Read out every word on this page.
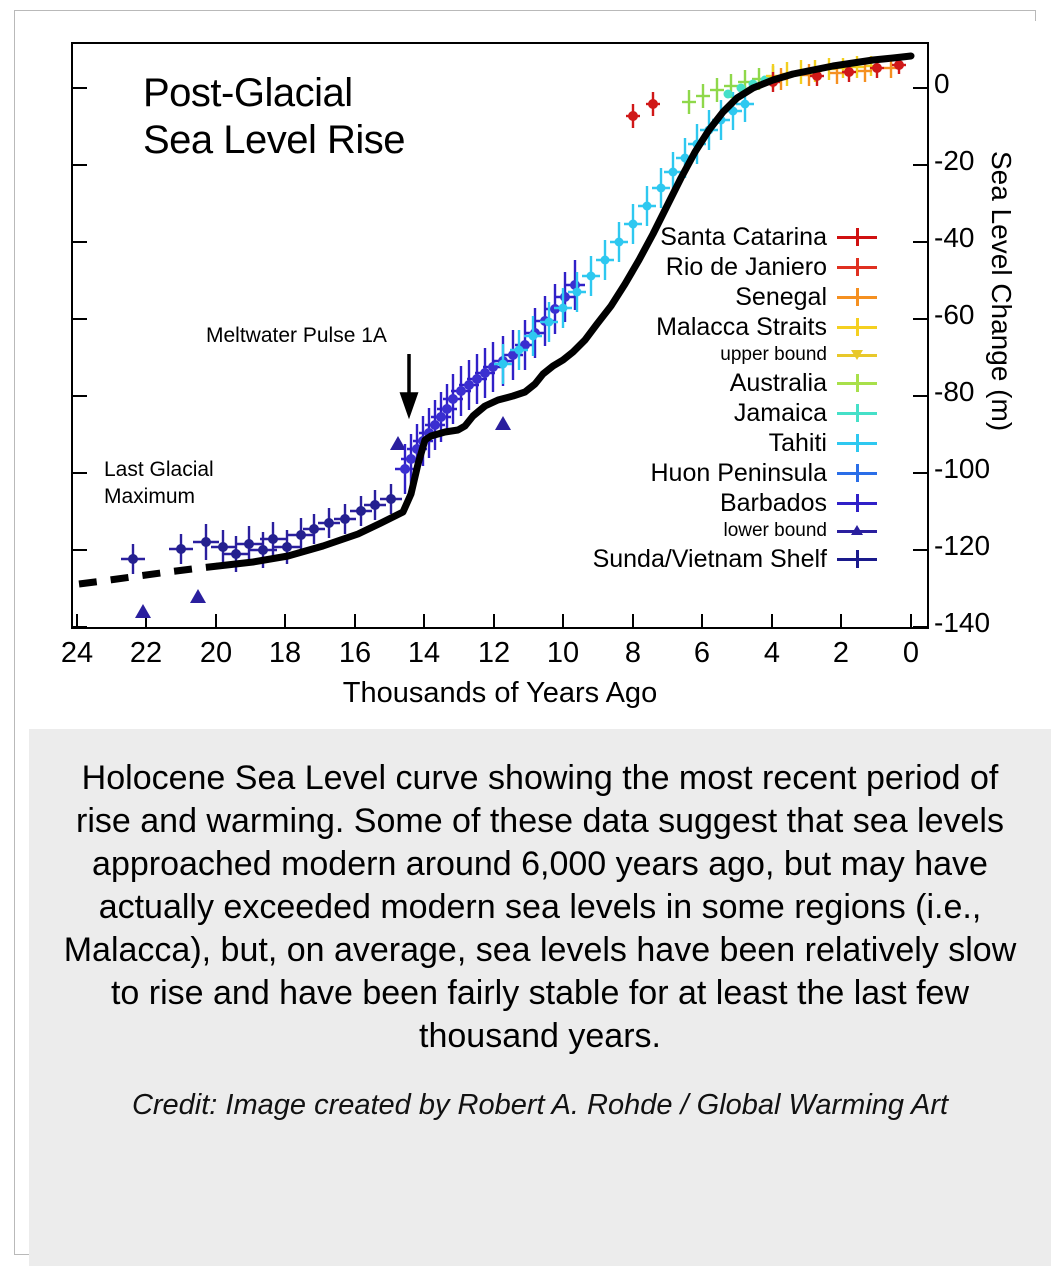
Post-Glacial
Sea Level Rise
Meltwater Pulse 1A
Last Glacial
Maximum
Santa Catarina
Rio de Janiero
Senegal
Malacca Straits
upper bound
Australia
Jamaica
Tahiti
Huon Peninsula
Barbados
lower bound
Sunda/Vietnam Shelf
0
-20
-40
-60
-80
-100
-120
-140
Sea Level Change (m)
24 22 20 18 16 14 12 10 8 6 4 2 0
Thousands of Years Ago
Holocene Sea Level curve showing the most recent period of rise and warming. Some of these data suggest that sea levels approached modern around 6,000 years ago, but may have actually exceeded modern sea levels in some regions (i.e., Malacca), but, on average, sea levels have been relatively slow to rise and have been fairly stable for at least the last few thousand years.
Credit: Image created by Robert A. Rohde / Global Warming Art
